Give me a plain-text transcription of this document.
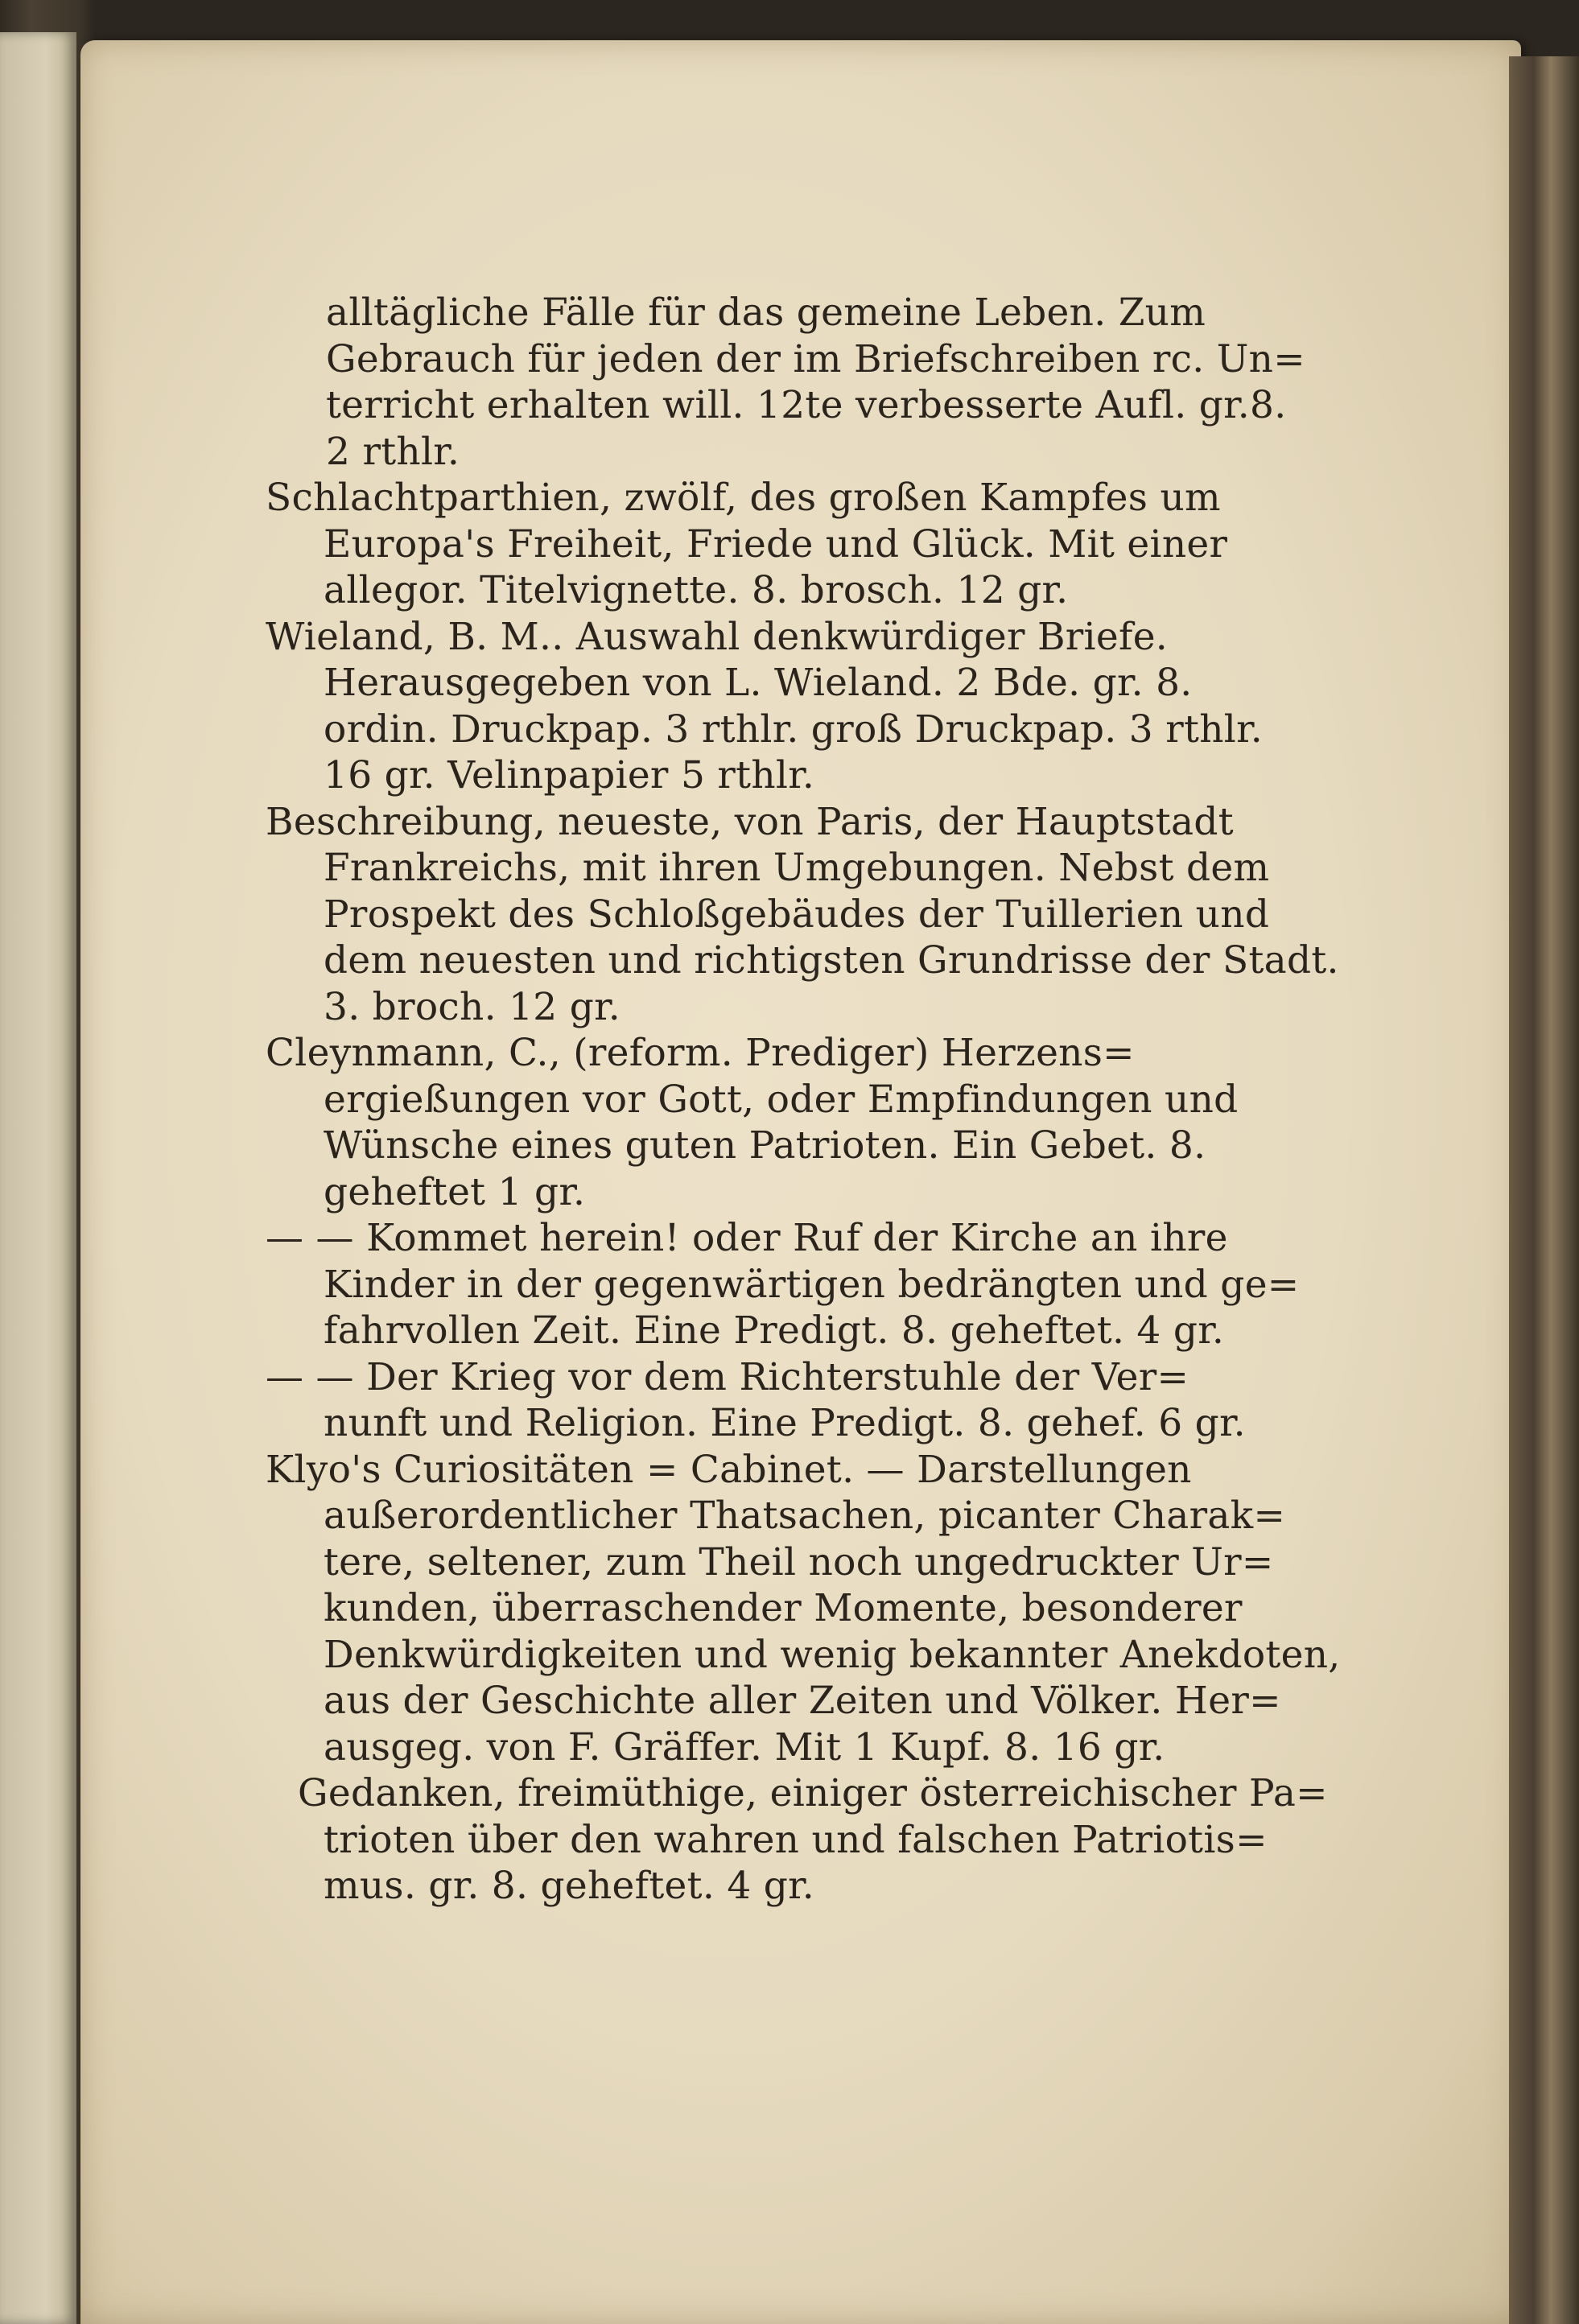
alltägliche Fälle für das gemeine Leben. Zum
Gebrauch für jeden der im Briefschreiben rc. Un=
terricht erhalten will. 12te verbesserte Aufl. gr.8.
2 rthlr.
Schlachtparthien, zwölf, des großen Kampfes um
Europa's Freiheit, Friede und Glück. Mit einer
allegor. Titelvignette. 8. brosch. 12 gr.
Wieland, B. M.. Auswahl denkwürdiger Briefe.
Herausgegeben von L. Wieland. 2 Bde. gr. 8.
ordin. Druckpap. 3 rthlr. groß Druckpap. 3 rthlr.
16 gr. Velinpapier 5 rthlr.
Beschreibung, neueste, von Paris, der Hauptstadt
Frankreichs, mit ihren Umgebungen. Nebst dem
Prospekt des Schloßgebäudes der Tuillerien und
dem neuesten und richtigsten Grundrisse der Stadt.
3. broch. 12 gr.
Cleynmann, C., (reform. Prediger) Herzens=
ergießungen vor Gott, oder Empfindungen und
Wünsche eines guten Patrioten. Ein Gebet. 8.
geheftet 1 gr.
— — Kommet herein! oder Ruf der Kirche an ihre
Kinder in der gegenwärtigen bedrängten und ge=
fahrvollen Zeit. Eine Predigt. 8. geheftet. 4 gr.
— — Der Krieg vor dem Richterstuhle der Ver=
nunft und Religion. Eine Predigt. 8. gehef. 6 gr.
Klyo's Curiositäten = Cabinet. — Darstellungen
außerordentlicher Thatsachen, picanter Charak=
tere, seltener, zum Theil noch ungedruckter Ur=
kunden, überraschender Momente, besonderer
Denkwürdigkeiten und wenig bekannter Anekdoten,
aus der Geschichte aller Zeiten und Völker. Her=
ausgeg. von F. Gräffer. Mit 1 Kupf. 8. 16 gr.
Gedanken, freimüthige, einiger österreichischer Pa=
trioten über den wahren und falschen Patriotis=
mus. gr. 8. geheftet. 4 gr.
